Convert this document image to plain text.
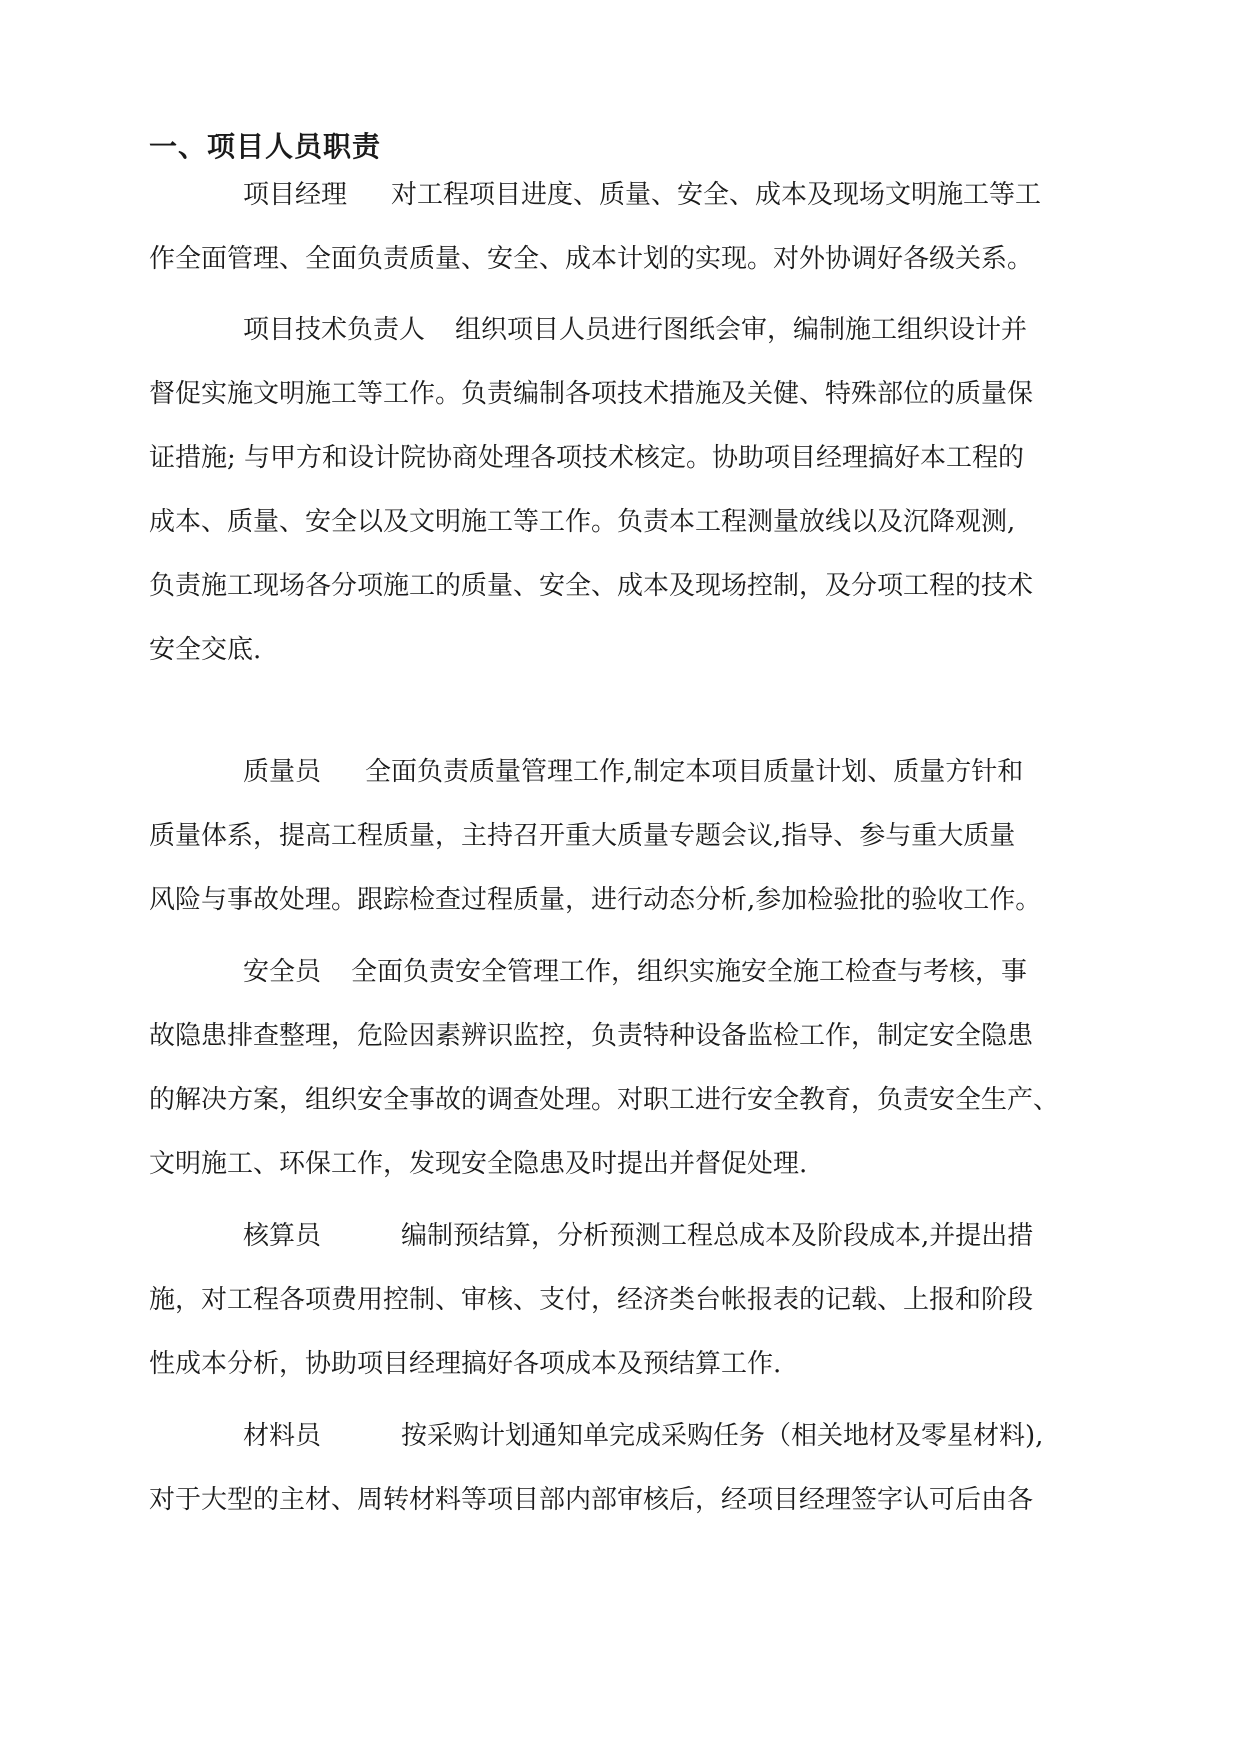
一、项目人员职责
项目经理 对工程项目进度、质量、安全、成本及现场文明施工等工
作全面管理、全面负责质量、安全、成本计划的实现。对外协调好各级关系。
项目技术负责人 组织项目人员进行图纸会审，编制施工组织设计并
督促实施文明施工等工作。负责编制各项技术措施及关健、特殊部位的质量保
证措施; 与甲方和设计院协商处理各项技术核定。协助项目经理搞好本工程的
成本、质量、安全以及文明施工等工作。负责本工程测量放线以及沉降观测,
负责施工现场各分项施工的质量、安全、成本及现场控制，及分项工程的技术
安全交底.
质量员 全面负责质量管理工作,制定本项目质量计划、质量方针和
质量体系，提高工程质量，主持召开重大质量专题会议,指导、参与重大质量
风险与事故处理。跟踪检查过程质量，进行动态分析,参加检验批的验收工作。
安全员 全面负责安全管理工作，组织实施安全施工检查与考核，事
故隐患排查整理，危险因素辨识监控，负责特种设备监检工作，制定安全隐患
的解决方案，组织安全事故的调查处理。对职工进行安全教育，负责安全生产、
文明施工、环保工作，发现安全隐患及时提出并督促处理.
核算员	编制预结算，分析预测工程总成本及阶段成本,并提出措
施，对工程各项费用控制、审核、支付，经济类台帐报表的记载、上报和阶段
性成本分析，协助项目经理搞好各项成本及预结算工作.
材料员	按采购计划通知单完成采购任务（相关地材及零星材料),
对于大型的主材、周转材料等项目部内部审核后，经项目经理签字认可后由各
